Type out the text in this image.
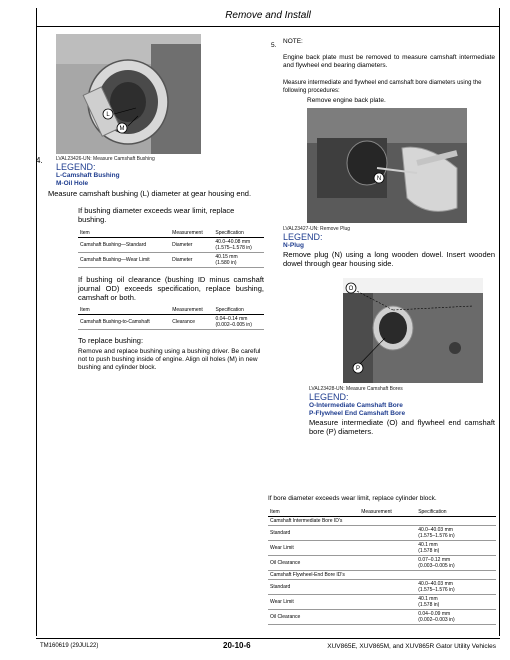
Remove and Install
L
M
4.	LVAL23426-UN: Measure Camshaft Bushing
LEGEND:
L-Camshaft Bushing
M-Oil Hole
Measure camshaft bushing (L) diameter at gear housing end.
If bushing diameter exceeds wear limit, replace bushing.
Item	Measurement	Specification
Camshaft Bushing—Standard	Diameter	40.0–40.08 mm
(1.575–1.578 in)
Camshaft Bushing—Wear Limit	Diameter	40.15 mm
(1.580 in)
If bushing oil clearance (bushing ID minus camshaft journal OD) exceeds specification, replace bushing, camshaft or both.
Item	Measurement	Specification
Camshaft Bushing-to-Camshaft	Clearance	0.04–0.14 mm
(0.002–0.005 in)
To replace bushing:
Remove and replace bushing using a bushing driver. Be careful not to push bushing inside of engine. Align oil holes (M) in new bushing and cylinder block.
5.
NOTE:
Engine back plate must be removed to measure camshaft intermediate and flywheel end bearing diameters.
Measure intermediate and flywheel end camshaft bore diameters using the following procedures:
Remove engine back plate.
N
LVAL23427-UN: Remove Plug
LEGEND:
N-Plug
Remove plug (N) using a long wooden dowel. Insert wooden dowel through gear housing side.
O
P
LVAL23428-UN: Measure Camshaft Bores
LEGEND:
O-Intermediate Camshaft Bore
P-Flywheel End Camshaft Bore
Measure intermediate (O) and flywheel end camshaft bore (P) diameters.
If bore diameter exceeds wear limit, replace cylinder block.
Item	Measurement	Specification
Camshaft Intermediate Bore ID's		
Standard		40.0–40.03 mm
(1.575–1.576 in)
Wear Limit		40.1 mm
(1.578 in)
Oil Clearance		0.07–0.12 mm
(0.003–0.005 in)
Camshaft Flywheel-End Bore ID's		
Standard		40.0–40.03 mm
(1.575–1.576 in)
Wear Limit		40.1 mm
(1.578 in)
Oil Clearance		0.04–0.09 mm
(0.002–0.003 in)
TM160619 (29JUL22)	20-10-6	XUV865E, XUV865M, and XUV865R Gator Utility Vehicles
